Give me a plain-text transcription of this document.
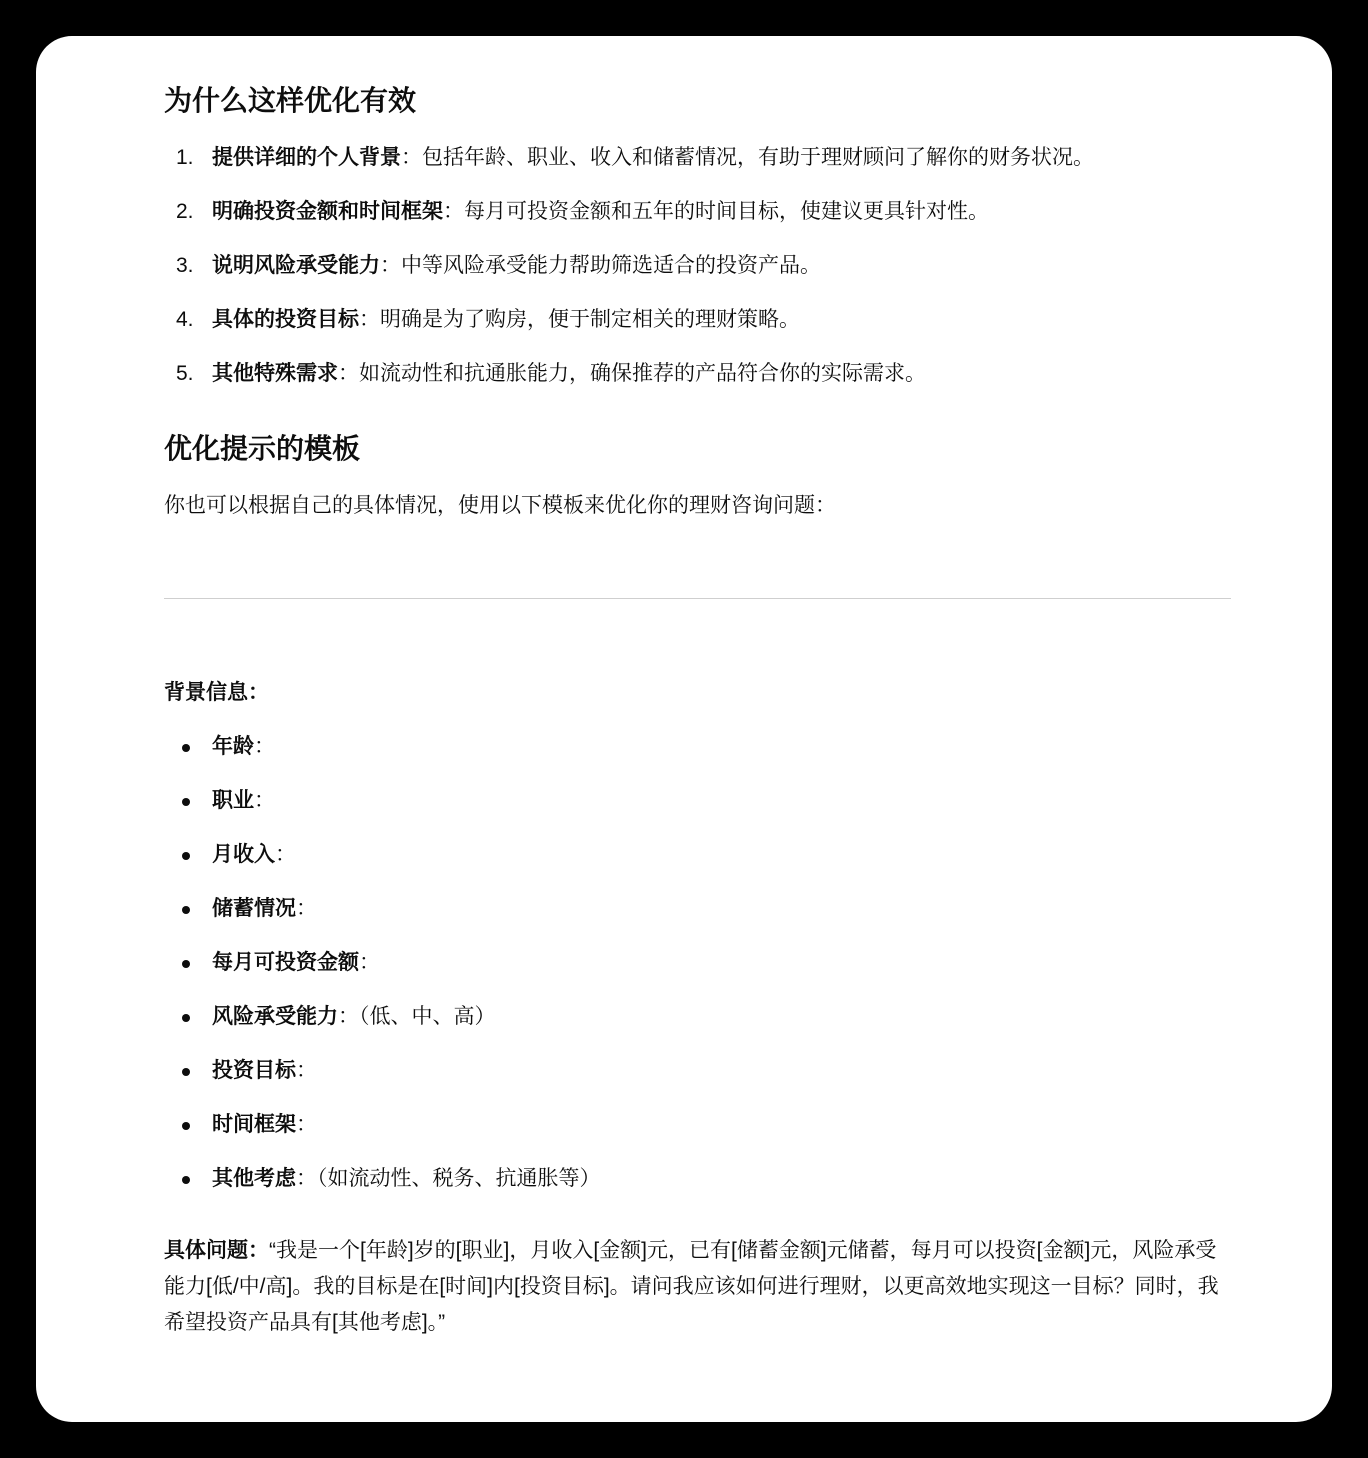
为什么这样优化有效
1. 提供详细的个人背景：包括年龄、职业、收入和储蓄情况，有助于理财顾问了解你的财务状况。
2. 明确投资金额和时间框架：每月可投资金额和五年的时间目标，使建议更具针对性。
3. 说明风险承受能力：中等风险承受能力帮助筛选适合的投资产品。
4. 具体的投资目标：明确是为了购房，便于制定相关的理财策略。
5. 其他特殊需求：如流动性和抗通胀能力，确保推荐的产品符合你的实际需求。
优化提示的模板

你也可以根据自己的具体情况，使用以下模板来优化你的理财咨询问题：

背景信息：

年龄：
职业：
月收入：
储蓄情况：
每月可投资金额：
风险承受能力：（低、中、高）
投资目标：
时间框架：
其他考虑：（如流动性、税务、抗通胀等）

具体问题：“我是一个[年龄]岁的[职业]，月收入[金额]元，已有[储蓄金额]元储蓄，每月可以投资[金额]元，风险承受能力[低/中/高]。我的目标是在[时间]内[投资目标]。请问我应该如何进行理财，以更高效地实现这一目标？同时，我希望投资产品具有[其他考虑]。”
